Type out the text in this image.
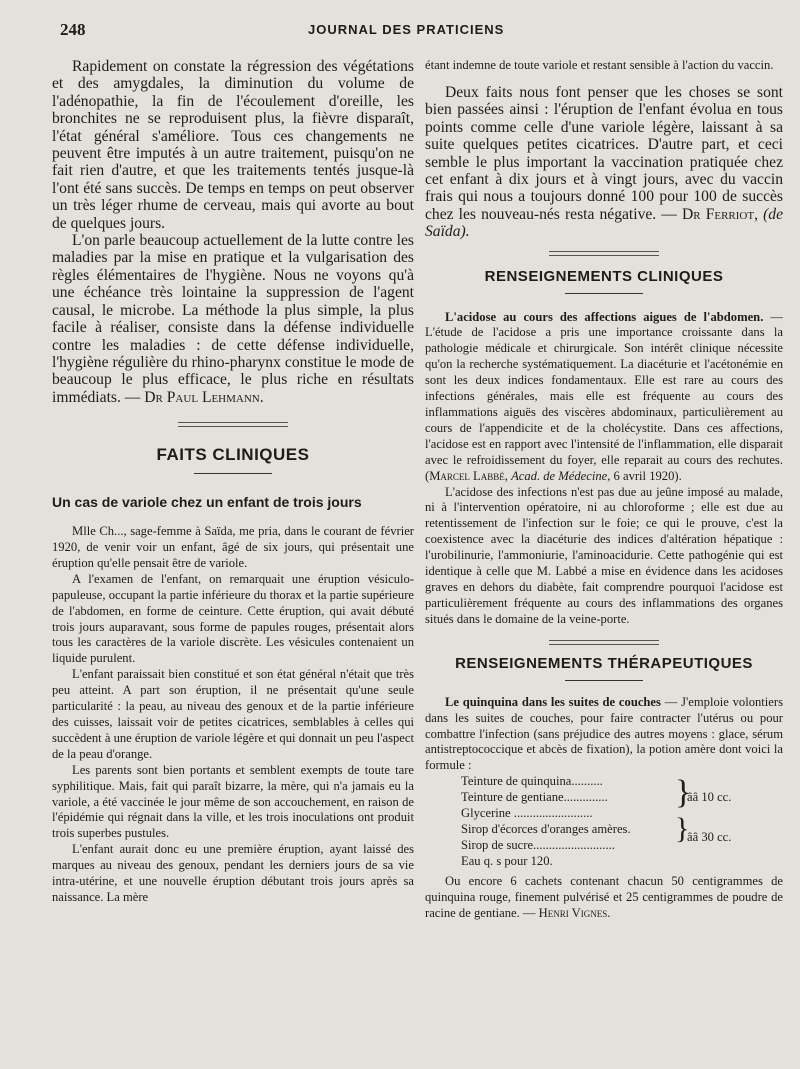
248	JOURNAL DES PRATICIENS

Rapidement on constate la régression des végétations et des amygdales, la diminution du volume de l'adénopathie, la fin de l'écoulement d'oreille, les bronchites ne se reproduisent plus, la fièvre disparaît, l'état général s'améliore. Tous ces changements ne peuvent être imputés à un autre traitement, puisqu'on ne fait rien d'autre, et que les traitements tentés jusque-là l'ont été sans succès. De temps en temps on peut observer un très léger rhume de cerveau, mais qui avorte au bout de quelques jours.

L'on parle beaucoup actuellement de la lutte contre les maladies par la mise en pratique et la vulgarisation des règles élémentaires de l'hygiène. Nous ne voyons qu'à une échéance très lointaine la suppression de l'agent causal, le microbe. La méthode la plus simple, la plus facile à réaliser, consiste dans la défense individuelle contre les maladies : de cette défense individuelle, l'hygiène régulière du rhino-pharynx constitue le mode de beaucoup le plus efficace, le plus riche en résultats immédiats. — Dr Paul Lehmann.

FAITS CLINIQUES

Un cas de variole chez un enfant de trois jours

Mlle Ch..., sage-femme à Saïda, me pria, dans le courant de février 1920, de venir voir un enfant, âgé de six jours, qui présentait une éruption qu'elle pensait être de variole.

A l'examen de l'enfant, on remarquait une éruption vésiculo-papuleuse, occupant la partie inférieure du thorax et la partie supérieure de l'abdomen, en forme de ceinture. Cette éruption, qui avait débuté trois jours auparavant, sous forme de papules rouges, présentait alors tous les caractères de la variole discrète. Les vésicules contenaient un liquide purulent.

L'enfant paraissait bien constitué et son état général n'était que très peu atteint. A part son éruption, il ne présentait qu'une seule particularité : la peau, au niveau des genoux et de la partie inférieure des cuisses, laissait voir de petites cicatrices, semblables à celles qui succèdent à une éruption de variole légère et qui donnait un peu l'aspect de la peau d'orange.

Les parents sont bien portants et semblent exempts de toute tare syphilitique. Mais, fait qui paraît bizarre, la mère, qui n'a jamais eu la variole, a été vaccinée le jour même de son accouchement, en raison de l'épidémie qui régnait dans la ville, et les trois inoculations ont produit trois superbes pustules.

L'enfant aurait donc eu une première éruption, ayant laissé des marques au niveau des genoux, pendant les derniers jours de sa vie intra-utérine, et une nouvelle éruption débutant trois jours après sa naissance. La mère

étant indemne de toute variole et restant sensible à l'action du vaccin.

Deux faits nous font penser que les choses se sont bien passées ainsi : l'éruption de l'enfant évolua en tous points comme celle d'une variole légère, laissant à sa suite quelques petites cicatrices. D'autre part, et ceci semble le plus important la vaccination pratiquée chez cet enfant à dix jours et à vingt jours, avec du vaccin frais qui nous a toujours donné 100 pour 100 de succès chez les nouveau-nés resta négative. — Dr Ferriot, (de Saïda).

RENSEIGNEMENTS CLINIQUES

L'acidose au cours des affections aigues de l'abdomen. — L'étude de l'acidose a pris une importance croissante dans la pathologie médicale et chirurgicale. Son intérêt clinique nécessite qu'on la recherche systématiquement. La diacéturie et l'acétonémie en sont les deux indices fondamentaux. Elle est rare au cours des infections générales, mais elle est fréquente au cours des inflammations aiguës des viscères abdominaux, particulièrement au cours de l'appendicite et de la cholécystite. Dans ces affections, l'acidose est en rapport avec l'intensité de l'inflammation, elle disparait avec le refroidissement du foyer, elle reparait au cours des rechutes. (Marcel Labbé, Acad. de Médecine, 6 avril 1920).

L'acidose des infections n'est pas due au jeûne imposé au malade, ni à l'intervention opératoire, ni au chloroforme ; elle est due au retentissement de l'infection sur le foie; ce qui le prouve, c'est la coexistence avec la diacéturie des indices d'altération hépatique : l'urobilinurie, l'ammoniurie, l'aminoacidurie. Cette pathogénie qui est identique à celle que M. Labbé a mise en évidence dans les acidoses graves en dehors du diabète, fait comprendre pourquoi l'acidose est particulièrement fréquente au cours des inflammations des organes situés dans le domaine de la veine-porte.

RENSEIGNEMENTS THÉRAPEUTIQUES

Le quinquina dans les suites de couches — J'emploie volontiers dans les suites de couches, pour faire contracter l'utérus ou pour combattre l'infection (sans préjudice des autres moyens : glace, sérum antistreptococcique et abcès de fixation), la potion amère dont voici la formule :

Teinture de quinquina..........
Teinture de gentiane..............
Glycerine .........................
Sirop d'écorces d'oranges amères.
Sirop de sucre..........................
Eau q. s pour 120.
}
ââ 10 cc.
}
ââ 30 cc.

Ou encore 6 cachets contenant chacun 50 centigrammes de quinquina rouge, finement pulvérisé et 25 centigrammes de poudre de racine de gentiane. — Henri Vignes.
